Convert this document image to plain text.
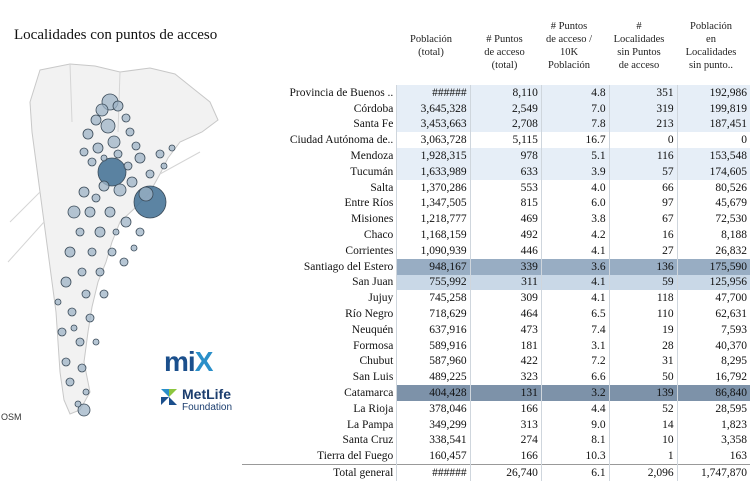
Localidades con puntos de acceso
OSM
miX
MetLife
Foundation
Población
(total)
# Puntos
de acceso
(total)
# Puntos
de acceso /
10K
Población
#
Localidades
sin Puntos
de acceso
Población
en
Localidades
sin punto..
Provincia de Buenos ..	######	8,110	4.8	351	192,986
Córdoba	3,645,328	2,549	7.0	319	199,819
Santa Fe	3,453,663	2,708	7.8	213	187,451
Ciudad Autónoma de..	3,063,728	5,115	16.7	0	0
Mendoza	1,928,315	978	5.1	116	153,548
Tucumán	1,633,989	633	3.9	57	174,605
Salta	1,370,286	553	4.0	66	80,526
Entre Ríos	1,347,505	815	6.0	97	45,679
Misiones	1,218,777	469	3.8	67	72,530
Chaco	1,168,159	492	4.2	16	8,188
Corrientes	1,090,939	446	4.1	27	26,832
Santiago del Estero	948,167	339	3.6	136	175,590
San Juan	755,992	311	4.1	59	125,956
Jujuy	745,258	309	4.1	118	47,700
Río Negro	718,629	464	6.5	110	62,631
Neuquén	637,916	473	7.4	19	7,593
Formosa	589,916	181	3.1	28	40,370
Chubut	587,960	422	7.2	31	8,295
San Luis	489,225	323	6.6	50	16,792
Catamarca	404,428	131	3.2	139	86,840
La Rioja	378,046	166	4.4	52	28,595
La Pampa	349,299	313	9.0	14	1,823
Santa Cruz	338,541	274	8.1	10	3,358
Tierra del Fuego	160,457	166	10.3	1	163
Total general	######	26,740	6.1	2,096	1,747,870
